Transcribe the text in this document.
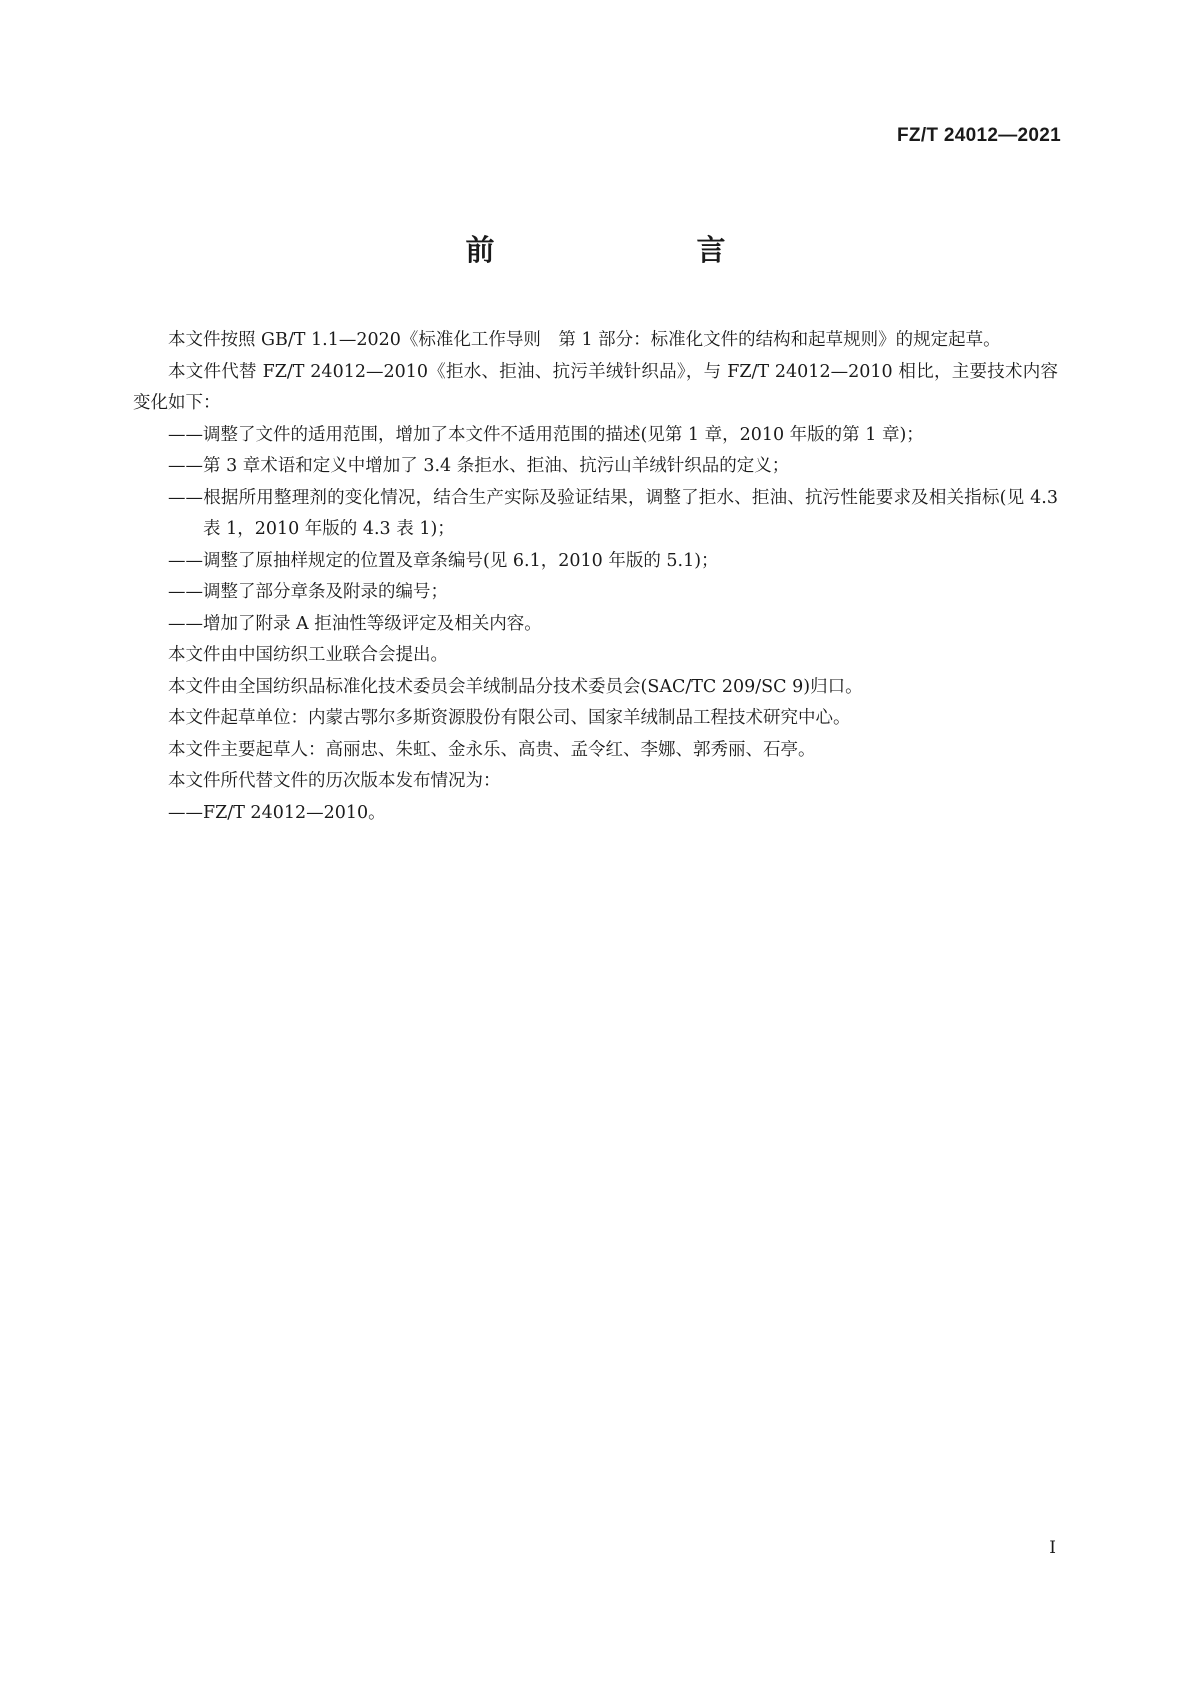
FZ/T 24012—2021
前　　言

本文件按照 GB/T 1.1—2020《标准化工作导则　第 1 部分：标准化文件的结构和起草规则》的规定起草。

本文件代替 FZ/T 24012—2010《拒水、拒油、抗污羊绒针织品》，与 FZ/T 24012—2010 相比，主要技术内容变化如下：

——调整了文件的适用范围，增加了本文件不适用范围的描述(见第 1 章，2010 年版的第 1 章)；

——第 3 章术语和定义中增加了 3.4 条拒水、拒油、抗污山羊绒针织品的定义；

——根据所用整理剂的变化情况，结合生产实际及验证结果，调整了拒水、拒油、抗污性能要求及相关指标(见 4.3 表 1，2010 年版的 4.3 表 1)；

——调整了原抽样规定的位置及章条编号(见 6.1，2010 年版的 5.1)；

——调整了部分章条及附录的编号；

——增加了附录 A 拒油性等级评定及相关内容。

本文件由中国纺织工业联合会提出。

本文件由全国纺织品标准化技术委员会羊绒制品分技术委员会(SAC/TC 209/SC 9)归口。

本文件起草单位：内蒙古鄂尔多斯资源股份有限公司、国家羊绒制品工程技术研究中心。

本文件主要起草人：高丽忠、朱虹、金永乐、高贵、孟令红、李娜、郭秀丽、石亭。

本文件所代替文件的历次版本发布情况为：

——FZ/T 24012—2010。

I
